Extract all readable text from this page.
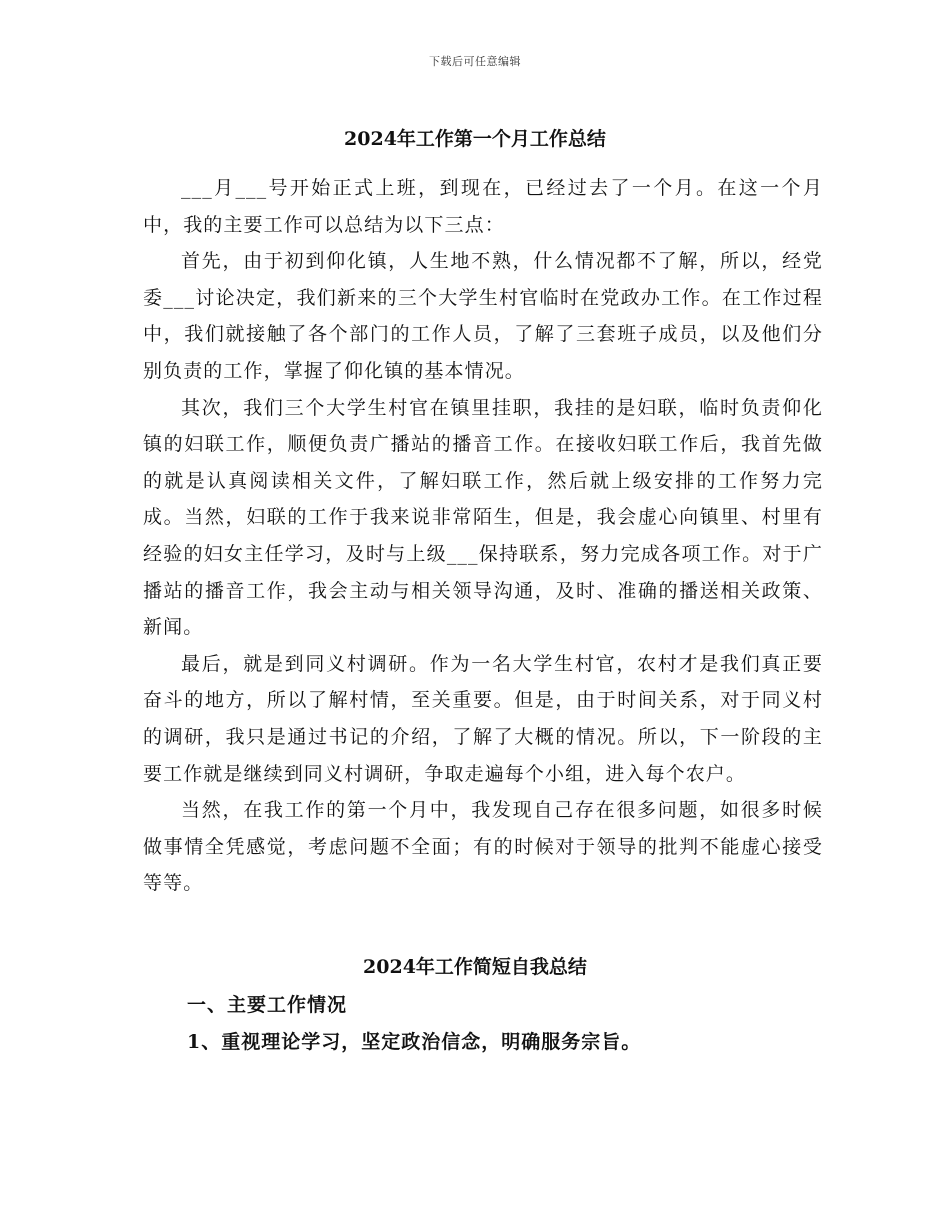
下载后可任意编辑
2024年工作第一个月工作总结

___月___号开始正式上班，到现在，已经过去了一个月。在这一个月中，我的主要工作可以总结为以下三点：

首先，由于初到仰化镇，人生地不熟，什么情况都不了解，所以，经党委___讨论决定，我们新来的三个大学生村官临时在党政办工作。在工作过程中，我们就接触了各个部门的工作人员，了解了三套班子成员，以及他们分别负责的工作，掌握了仰化镇的基本情况。

其次，我们三个大学生村官在镇里挂职，我挂的是妇联，临时负责仰化镇的妇联工作，顺便负责广播站的播音工作。在接收妇联工作后，我首先做的就是认真阅读相关文件，了解妇联工作，然后就上级安排的工作努力完成。当然，妇联的工作于我来说非常陌生，但是，我会虚心向镇里、村里有经验的妇女主任学习，及时与上级___保持联系，努力完成各项工作。对于广播站的播音工作，我会主动与相关领导沟通，及时、准确的播送相关政策、新闻。

最后，就是到同义村调研。作为一名大学生村官，农村才是我们真正要奋斗的地方，所以了解村情，至关重要。但是，由于时间关系，对于同义村的调研，我只是通过书记的介绍，了解了大概的情况。所以，下一阶段的主要工作就是继续到同义村调研，争取走遍每个小组，进入每个农户。

当然，在我工作的第一个月中，我发现自己存在很多问题，如很多时候做事情全凭感觉，考虑问题不全面；有的时候对于领导的批判不能虚心接受等等。

2024年工作简短自我总结
一、主要工作情况
1、重视理论学习，坚定政治信念，明确服务宗旨。
